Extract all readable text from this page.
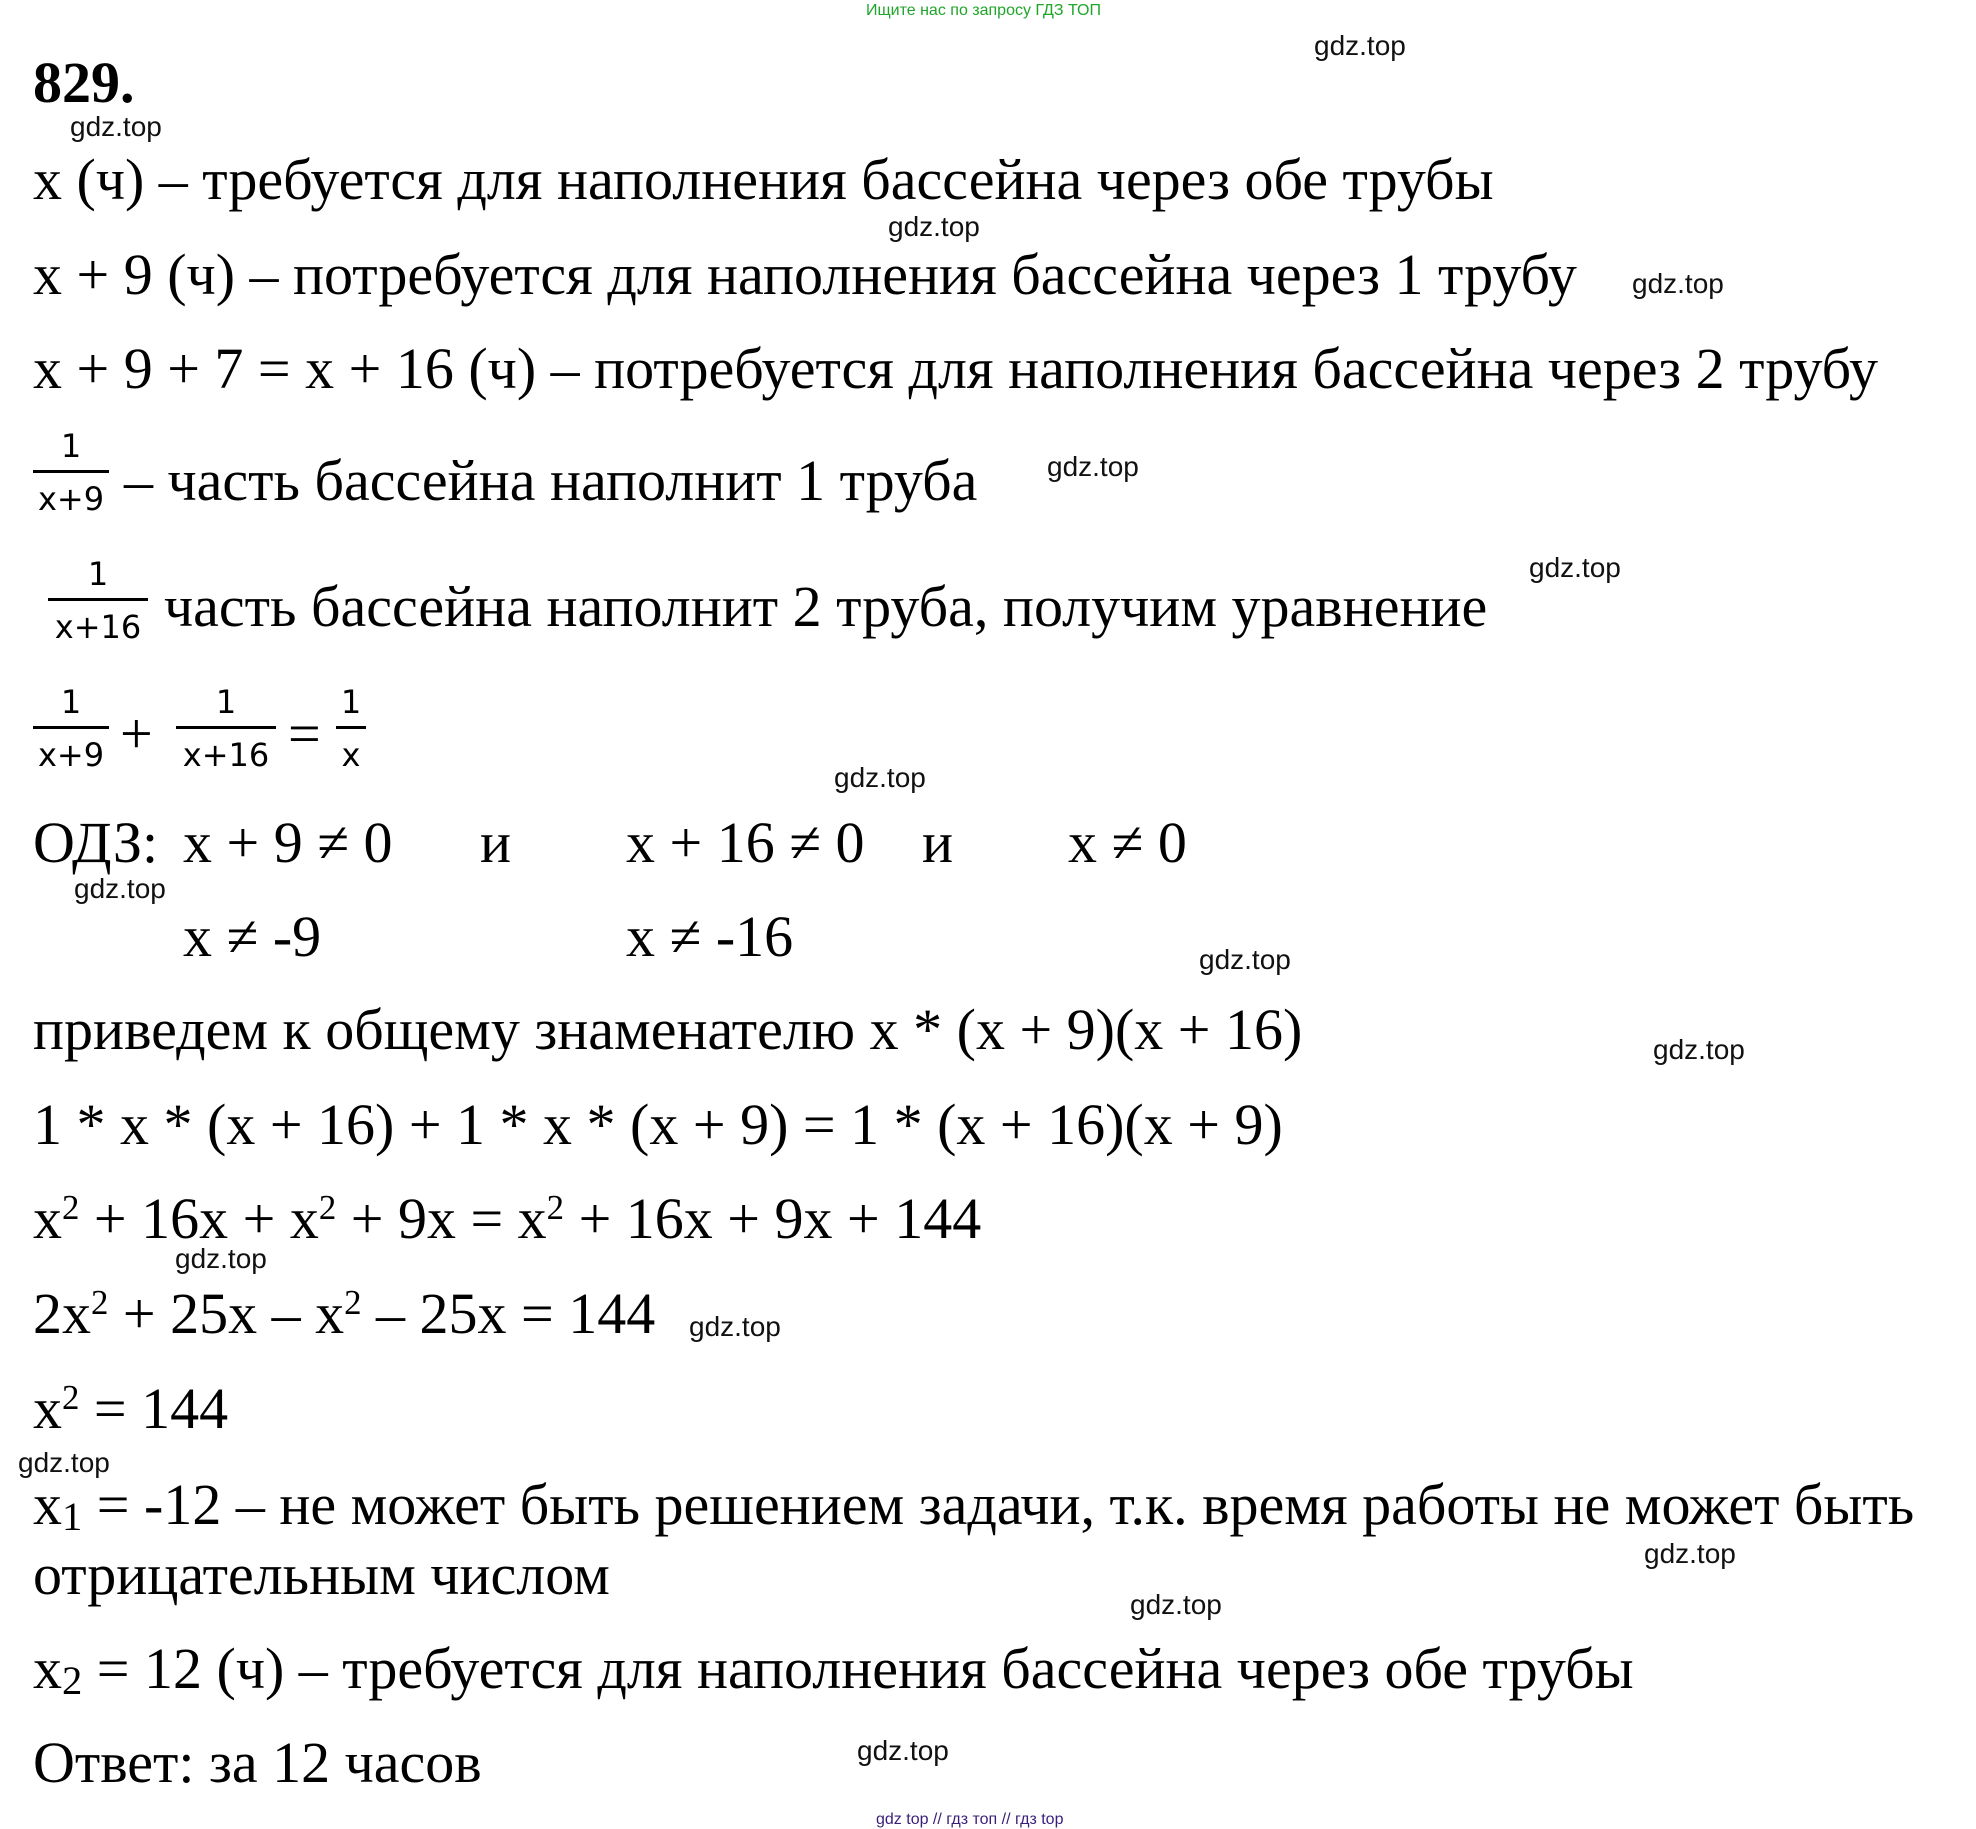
Ищите нас по запросу ГДЗ ТОП
829.
x (ч) – требуется для наполнения бассейна через обе трубы
x + 9 (ч) – потребуется для наполнения бассейна через 1 трубу
x + 9 + 7 = x + 16 (ч) – потребуется для наполнения бассейна через 2 трубу
1
x+9 – часть бассейна наполнит 1 труба
1
x+16 часть бассейна наполнит 2 труба, получим уравнение
1
x+9 +	1
x+16 = 1
x
ОДЗ: x + 9 ≠ 0 и x + 16 ≠ 0 и x ≠ 0
x ≠ -9	x ≠ -16
приведем к общему знаменателю x * (x + 9)(x + 16)
1 * x * (x + 16) + 1 * x * (x + 9) = 1 * (x + 16)(x + 9)
$x^2 + 16x + x^2 + 9x = x^2 + 16x + 9x + 144$
$2x^2 + 25x - x^2 - 25x = 144$
$x^2 = 144$
$x_1 = -12$ – не может быть решением задачи, т.к. время работы не может быть
отрицательным числом
$x_2 = 12$ (ч) – требуется для наполнения бассейна через обе трубы
Ответ: за 12 часов
gdz.top
gdz.top
gdz.top
gdz.top
gdz.top
gdz.top
gdz.top
gdz.top
gdz.top
gdz.top
gdz.top
gdz.top
gdz.top
gdz.top
gdz.top
gdz.top
gdz top // гдз топ // гдз top
